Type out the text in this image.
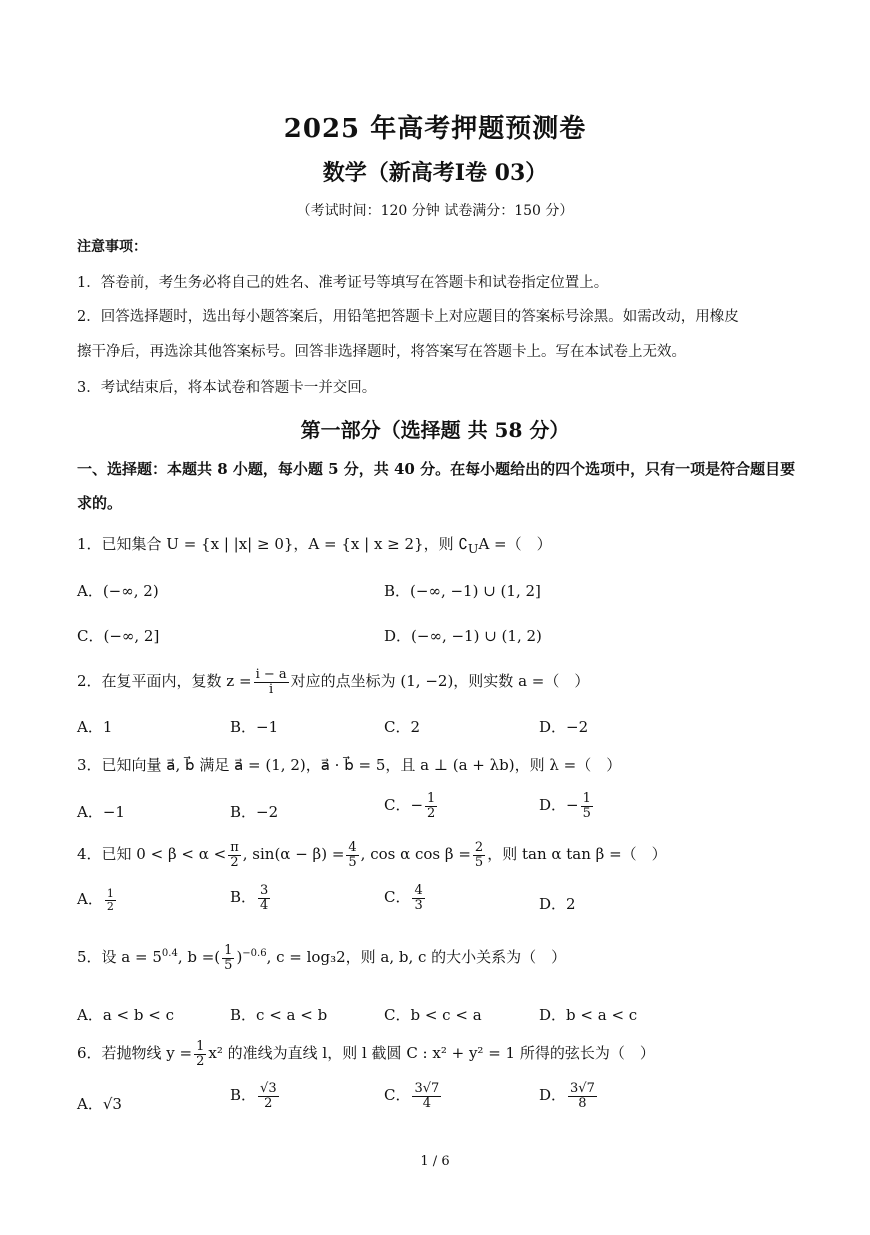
2025 年高考押题预测卷
数学（新高考Ⅰ卷 03）
（考试时间：120 分钟 试卷满分：150 分）
注意事项：
1．答卷前，考生务必将自己的姓名、准考证号等填写在答题卡和试卷指定位置上。
2．回答选择题时，选出每小题答案后，用铅笔把答题卡上对应题目的答案标号涂黑。如需改动，用橡皮
擦干净后，再选涂其他答案标号。回答非选择题时，将答案写在答题卡上。写在本试卷上无效。
3．考试结束后，将本试卷和答题卡一并交回。
第一部分（选择题 共 58 分）
一、选择题：本题共 8 小题，每小题 5 分，共 40 分。在每小题给出的四个选项中，只有一项是符合题目要
求的。
1．已知集合 U = {x | |x| ≥ 0}，A = {x | x ≥ 2}，则 $∁_UA$ =（　）
A．(−∞, 2)	B．(−∞, −1) ∪ (1, 2]
C．(−∞, 2]	D．(−∞, −1) ∪ (1, 2)
2．在复平面内，复数 $z = \frac{i - a}{i}$ 对应的点坐标为 (1, −2)，则实数 a =（　）
A．1	B．−1	C．2	D．−2
3．已知向量 a⃗, b⃗ 满足 a⃗ = (1, 2)，a⃗ · b⃗ = 5，且 a ⊥ (a + λb)，则 λ =（　）
A．−1	B．−2	C．− $\frac{1}{2}$	D．− $\frac{1}{5}$
4．已知 $0 < \beta < \alpha < \frac{\pi}{2}$ , $\sin(\alpha - \beta) = \frac{4}{5}$ , cos α $\cos \beta = \frac{2}{5}$ ，则 tan α tan β =（　）
A． $\frac{1}{2}$	B． $\frac{3}{4}$	C． $\frac{4}{3}$	D．2
5．设 $a = 5^{0.4}$, b =( $\frac{1}{5} )^{-0.6}$, c = log₃2，则 a, b, c 的大小关系为（　）
A．a < b < c	B．c < a < b	C．b < c < a	D．b < a < c
6．若抛物线 $y = \frac{1}{2} x^2$ 的准线为直线 l，则 l 截圆 C : x² + y² = 1 所得的弦长为（　）
A．√3	B． $\frac{√3}{2}$	C． $\frac{3√7}{4}$	D． $\frac{3√7}{8}$
1 / 6
